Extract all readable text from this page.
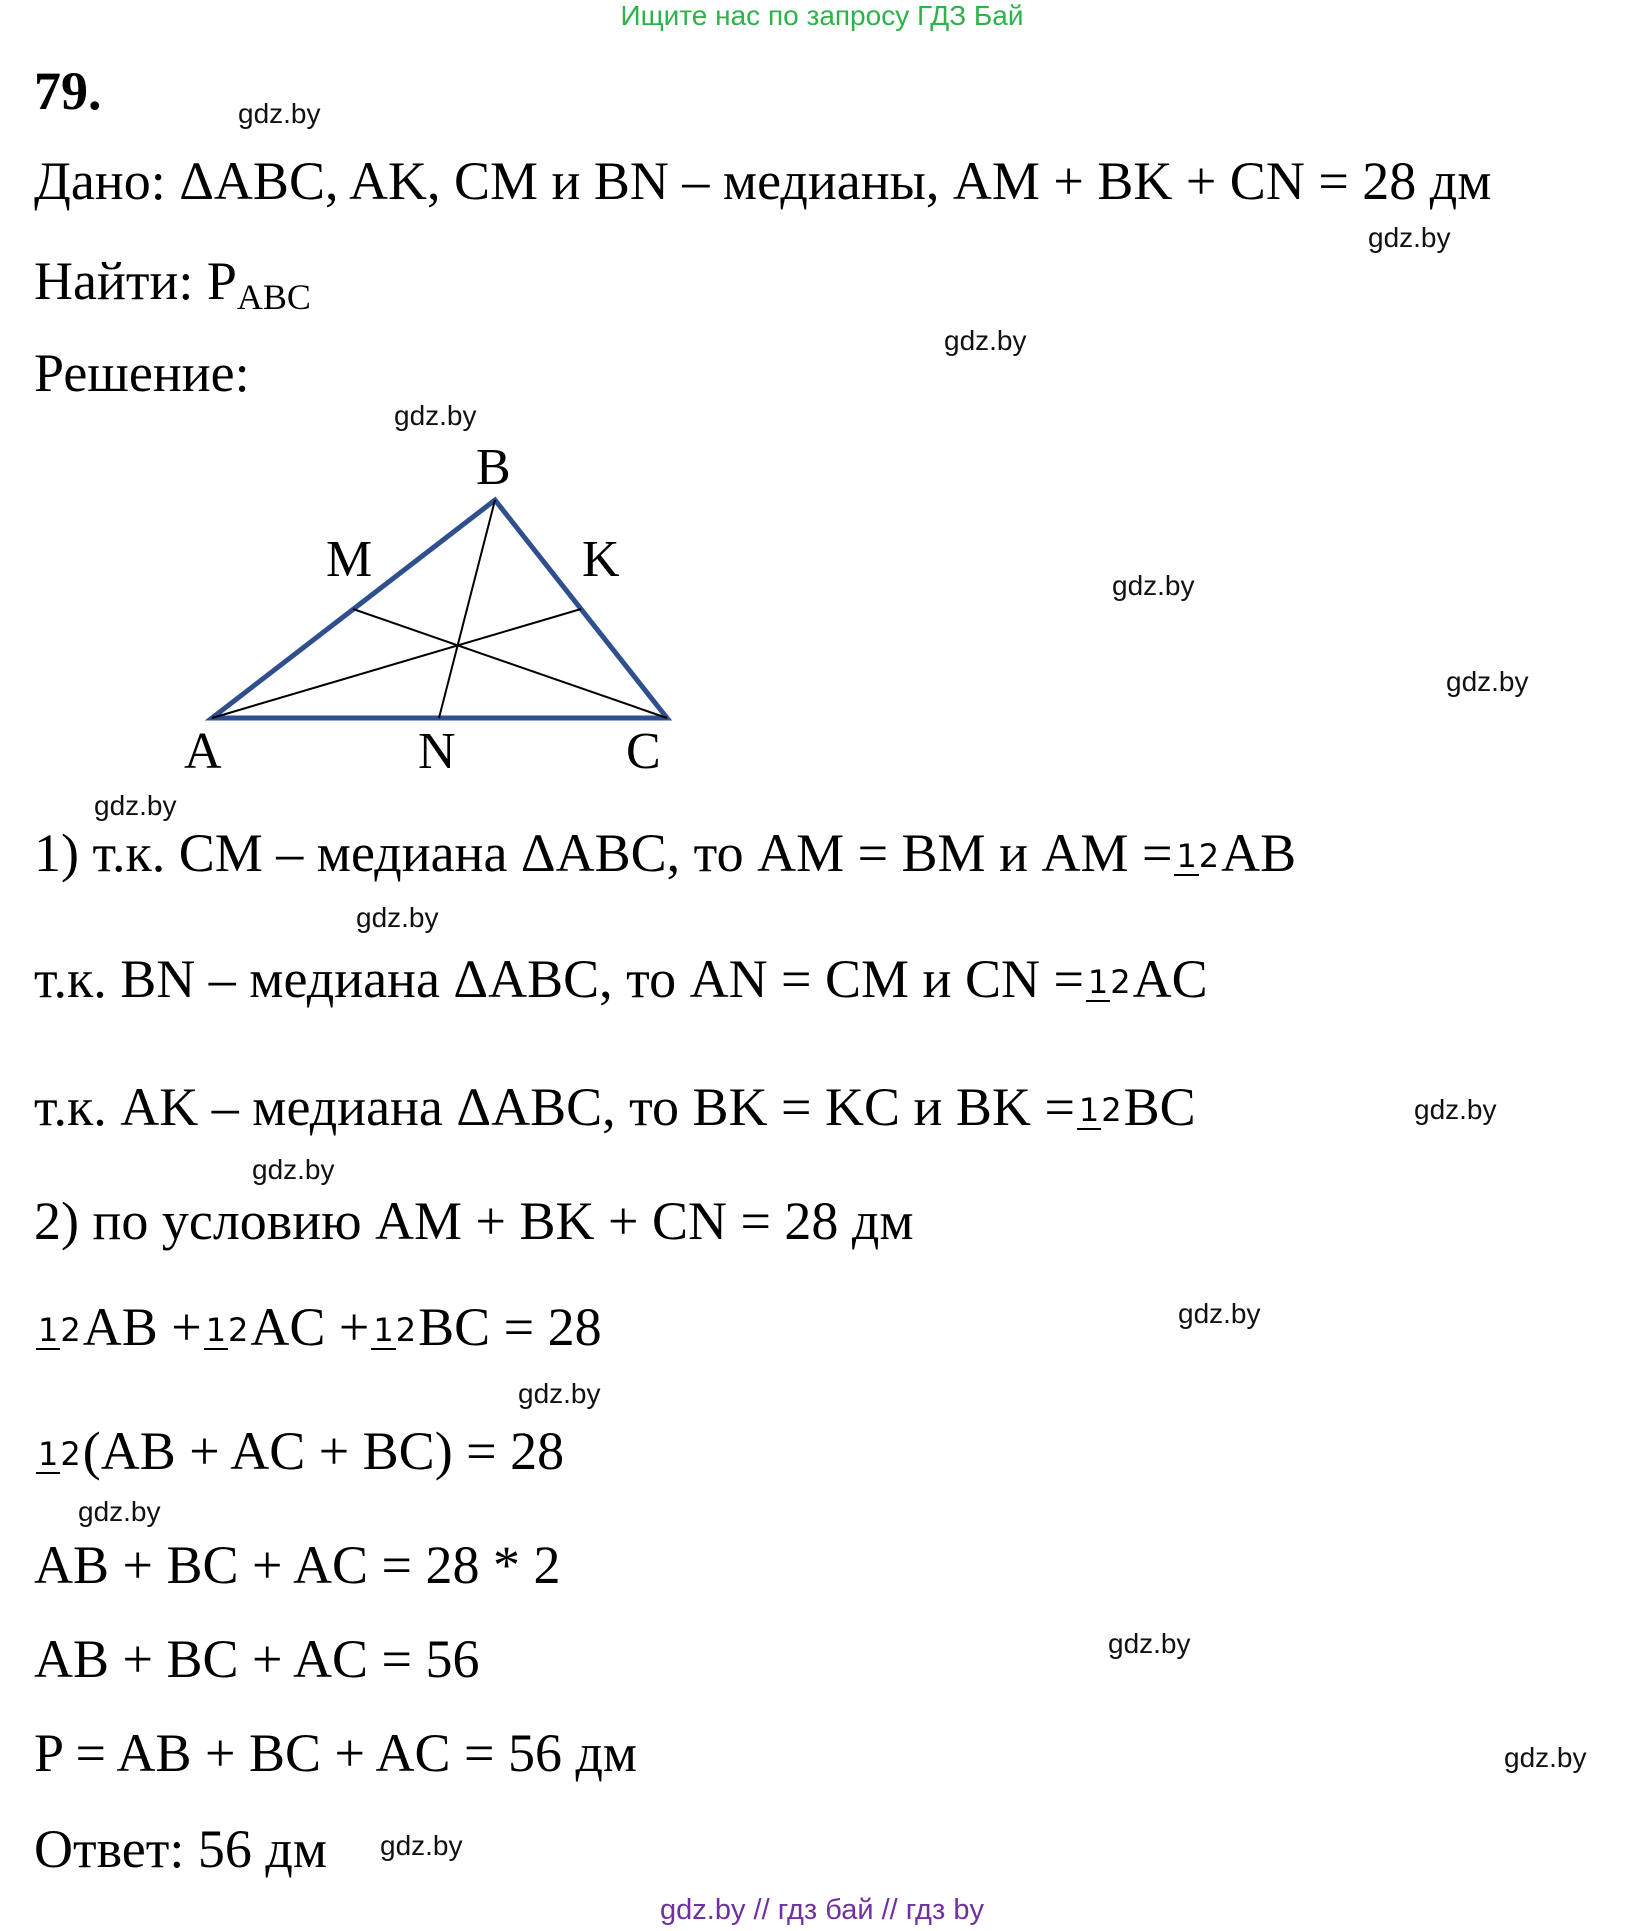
Ищите нас по запросу ГДЗ Бай
79.	gdz.by
gdz.by
gdz.by
gdz.by
gdz.by
gdz.by
gdz.by
gdz.by
gdz.by
gdz.by
gdz.by
gdz.by
gdz.by
gdz.by
gdz.by
gdz.by
Дано: ΔABC, AK, CM и BN – медианы, AM + BK + CN = 28 дм
Найти: $P_{ABC}$
Решение:
B
M	K
A	N	C
1) т.к. CM – медиана ΔABC, то AM = BM и AM =12AB
т.к. BN – медиана ΔABC, то AN = CM и CN =12AC
т.к. AK – медиана ΔABC, то BK = KC и BK =12BC
2) по условию AM + BK + CN = 28 дм
12AB +12AC +12BC = 28
12(AB + AC + BC) = 28
AB + BC + AC = 28 * 2
AB + BC + AC = 56
P = AB + BC + AC = 56 дм
Ответ: 56 дм
gdz.by // гдз бай // гдз by
